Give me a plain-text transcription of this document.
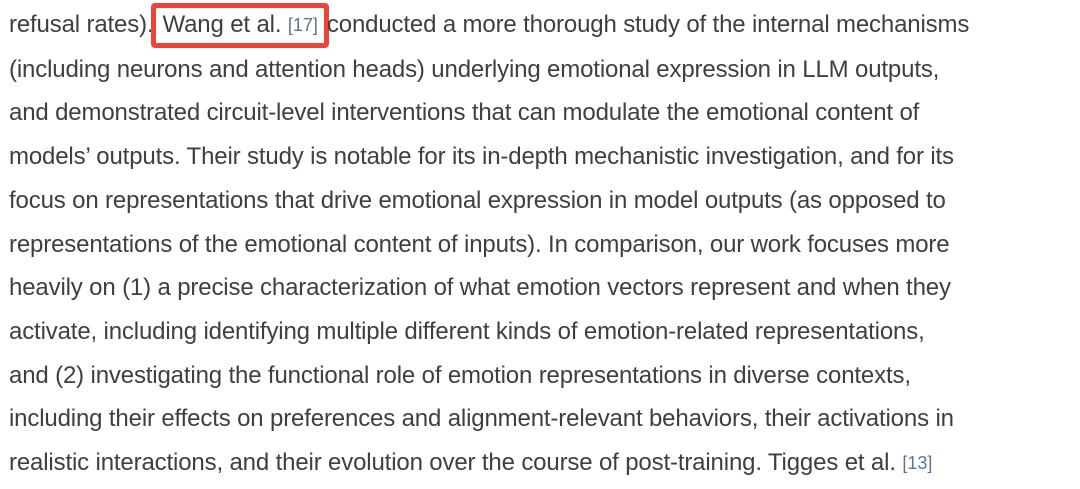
refusal rates). Wang et al. [17] conducted a more thorough study of the internal mechanisms
(including neurons and attention heads) underlying emotional expression in LLM outputs,
and demonstrated circuit-level interventions that can modulate the emotional content of
models’ outputs. Their study is notable for its in-depth mechanistic investigation, and for its
focus on representations that drive emotional expression in model outputs (as opposed to
representations of the emotional content of inputs). In comparison, our work focuses more
heavily on (1) a precise characterization of what emotion vectors represent and when they
activate, including identifying multiple different kinds of emotion-related representations,
and (2) investigating the functional role of emotion representations in diverse contexts,
including their effects on preferences and alignment-relevant behaviors, their activations in
realistic interactions, and their evolution over the course of post-training. Tigges et al. [13]
